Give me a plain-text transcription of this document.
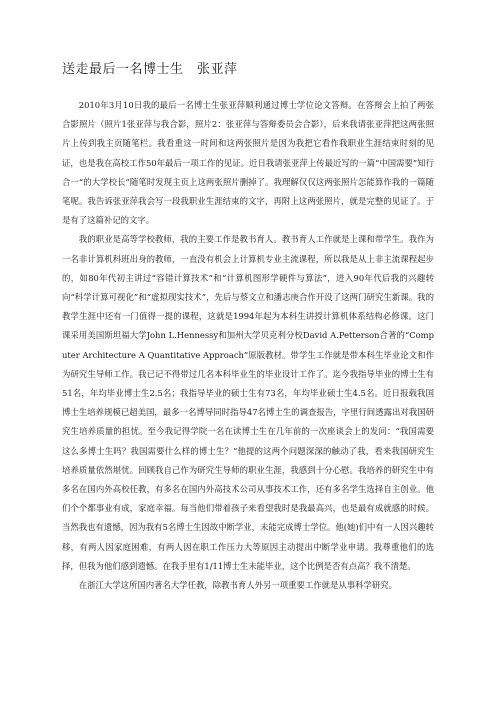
送走最后一名博士生　张亚萍

2010年3月10日我的最后一名博士生张亚萍顺利通过博士学位论文答辩。在答辩会上拍了两张合影照片（照片1张亚萍与我合影，照片2：张亚萍与答辩委员会合影），后来我请张亚萍把这两张照片上传到我主页随笔栏。我看重这一时间和这两张照片是因为我把它看作我职业生涯结束时刻的见证，也是我在高校工作50年最后一项工作的见证。近日我请张亚萍上传最近写的一篇“中国需要”知行合一“的大学校长”随笔时发现主页上这两张照片删掉了。我理解仅仅这两张照片怎能算作我的一篇随笔呢。我告诉张亚萍我会写一段我职业生涯结束的文字，再附上这两张照片，就是完整的见证了。于是有了这篇补记的文字。

我的职业是高等学校教师，我的主要工作是教书育人。教书育人工作就是上课和带学生。我作为一名非计算机科班出身的教师，一直没有机会上计算机专业主流课程，所以我是从上非主流课程起步的，如80年代初主讲过“容错计算技术”和“计算机图形学硬件与算法”，进入90年代后我的兴趣转向“科学计算可视化”和“虚拟现实技术”，先后与蔡文立和潘志庚合作开设了这两门研究生新课。我的教学生涯中还有一门值得一提的课程，这就是1994年起为本科生讲授计算机体系结构必修课。这门课采用美国斯坦福大学John L.Hennessy和加州大学贝克利分校David A.Petterson合著的“Computer Architecture A Quantitative Approach”原版教材。带学生工作就是带本科生毕业论文和作为研究生导师工作。我已记不得带过几名本科毕业生的毕业设计工作了。迄今我指导毕业的博士生有51名，年均毕业博士生2.5名；我指导毕业的硕士生有73名，年均毕业硕士生4.5名。近日报载我国博士生培养规模已超美国，最多一名博导同时指导47名博士生的调查报告，字里行间透露出对我国研究生培养质量的担忧。至今我记得学院一名在读博士生在几年前的一次座谈会上的发问：“我国需要这么多博士生吗？我国需要什么样的博士生？”他提的这两个问题深深的触动了我，看来我国研究生培养质量依然堪忧。回顾我自己作为研究生导师的职业生涯，我感到十分心慰。我培养的研究生中有多名在国内外高校任教，有多名在国内外高技术公司从事技术工作，还有多名学生选择自主创业。他们个个都事业有成，家庭幸福。每当他们带着孩子来看望我时是我最高兴，也是最有成就感的时候。当然我也有遗憾，因为我有5名博士生因故中断学业，未能完成博士学位。他(她)们中有一人因兴趣转移，有两人因家庭困难，有两人因在职工作压力大等原因主动提出中断学业申请。我尊重他们的选择，但我为他们感到遗憾。在我手里有1/11博士生未能毕业，这个比例是否有点高？我不清楚。

在浙江大学这所国内著名大学任教，除教书育人外另一项重要工作就是从事科学研究。
